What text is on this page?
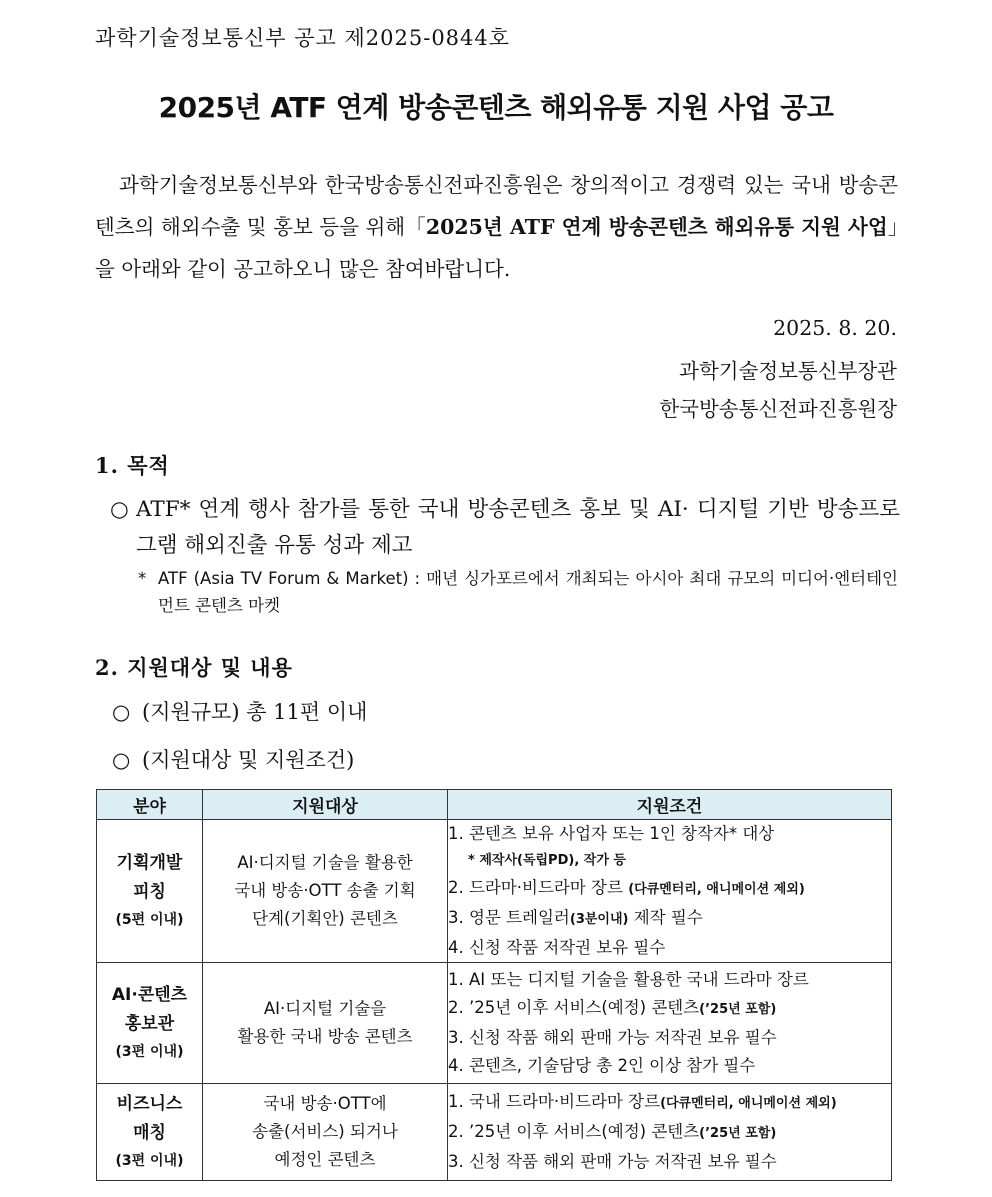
과학기술정보통신부 공고 제2025-0844호
2025년 ATF 연계 방송콘텐츠 해외유통 지원 사업 공고

과학기술정보통신부와 한국방송통신전파진흥원은 창의적이고 경쟁력 있는 국내 방송콘텐츠의 해외수출 및 홍보 등을 위해「2025년 ATF 연계 방송콘텐츠 해외유통 지원 사업」을 아래와 같이 공고하오니 많은 참여바랍니다.

2025. 8. 20.
과학기술정보통신부장관
한국방송통신전파진흥원장
1. 목적
○ ATF* 연계 행사 참가를 통한 국내 방송콘텐츠 홍보 및 AI· 디지털 기반 방송프로그램 해외진출 유통 성과 제고
* ATF (Asia TV Forum & Market) : 매년 싱가포르에서 개최되는 아시아 최대 규모의 미디어·엔터테인먼트 콘텐츠 마켓
2. 지원대상 및 내용
○ (지원규모) 총 11편 이내
○ (지원대상 및 지원조건)
분야	지원대상	지원조건

기획개발
피칭
(5편 이내)	AI·디지털 기술을 활용한
국내 방송·OTT 송출 기획
단계(기획안) 콘텐츠	1. 콘텐츠 보유 사업자 또는 1인 창작자* 대상
* 제작사(독립PD), 작가 등
2. 드라마·비드라마 장르 (다큐멘터리, 애니메이션 제외)
3. 영문 트레일러(3분이내) 제작 필수
4. 신청 작품 저작권 보유 필수

AI·콘텐츠
홍보관
(3편 이내)	AI·디지털 기술을
활용한 국내 방송 콘텐츠	1. AI 또는 디지털 기술을 활용한 국내 드라마 장르
2. ’25년 이후 서비스(예정) 콘텐츠(’25년 포함)
3. 신청 작품 해외 판매 가능 저작권 보유 필수
4. 콘텐츠, 기술담당 총 2인 이상 참가 필수

비즈니스
매칭
(3편 이내)	국내 방송·OTT에
송출(서비스) 되거나
예정인 콘텐츠	1. 국내 드라마·비드라마 장르(다큐멘터리, 애니메이션 제외)
2. ’25년 이후 서비스(예정) 콘텐츠(’25년 포함)
3. 신청 작품 해외 판매 가능 저작권 보유 필수
